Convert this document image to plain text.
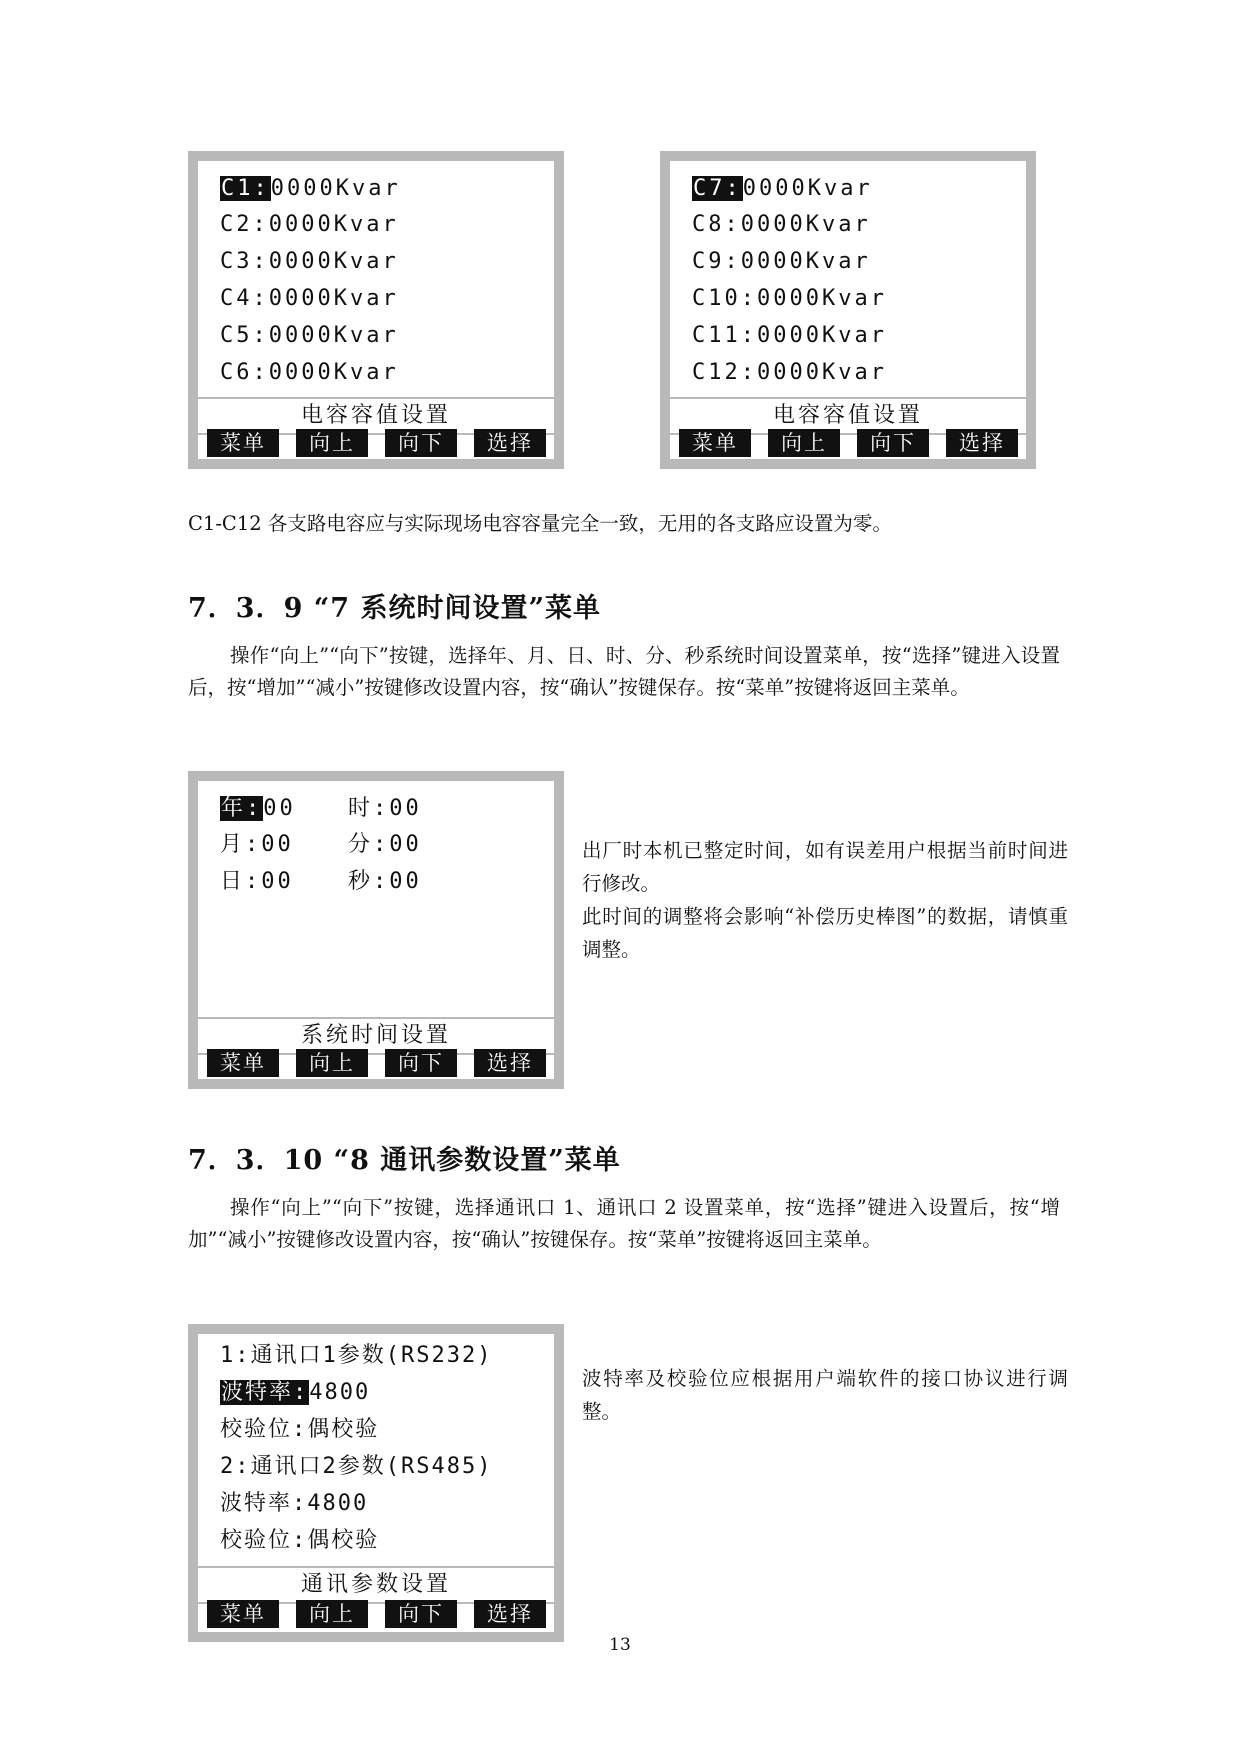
C1:0000Kvar
C2:0000Kvar
C3:0000Kvar
C4:0000Kvar
C5:0000Kvar
C6:0000Kvar
电容容值设置
菜单	向上	向下	选择
C7:0000Kvar
C8:0000Kvar
C9:0000Kvar
C10:0000Kvar
C11:0000Kvar
C12:0000Kvar
电容容值设置
菜单	向上	向下	选择
C1-C12 各支路电容应与实际现场电容容量完全一致，无用的各支路应设置为零。
7．3．9 “7 系统时间设置”菜单
操作“向上”“向下”按键，选择年、月、日、时、分、秒系统时间设置菜单，按“选择”键进入设置后，按“增加”“减小”按键修改设置内容，按“确认”按键保存。按“菜单”按键将返回主菜单。
年:00 时:00
月:00 分:00
日:00 秒:00
系统时间设置
菜单	向上	向下	选择
出厂时本机已整定时间，如有误差用户根据当前时间进行修改。
此时间的调整将会影响“补偿历史棒图”的数据，请慎重调整。
7．3．10 “8 通讯参数设置”菜单
操作“向上”“向下”按键，选择通讯口 1、通讯口 2 设置菜单，按“选择”键进入设置后，按“增加”“减小”按键修改设置内容，按“确认”按键保存。按“菜单”按键将返回主菜单。
1:通讯口1参数(RS232)
波特率:4800
校验位:偶校验
2:通讯口2参数(RS485)
波特率:4800
校验位:偶校验
通讯参数设置
菜单	向上	向下	选择
波特率及校验位应根据用户端软件的接口协议进行调整。
13
